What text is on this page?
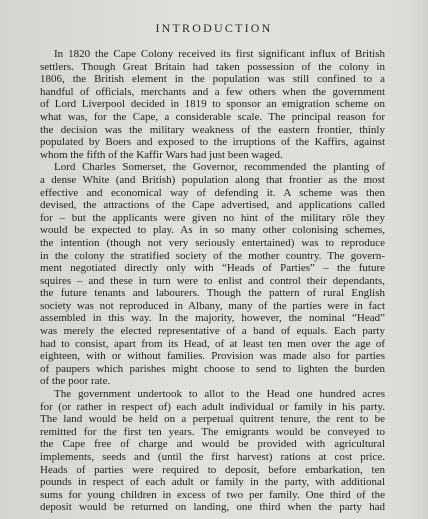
INTRODUCTION
In 1820 the Cape Colony received its first significant influx of British
settlers. Though Great Britain had taken possession of the colony in
1806, the British element in the population was still confined to a
handful of officials, merchants and a few others when the government
of Lord Liverpool decided in 1819 to sponsor an emigration scheme on
what was, for the Cape, a considerable scale. The principal reason for
the decision was the military weakness of the eastern frontier, thinly
populated by Boers and exposed to the irruptions of the Kaffirs, against
whom the fifth of the Kaffir Wars had just been waged.
Lord Charles Somerset, the Governor, recommended the planting of
a dense White (and British) population along that frontier as the most
effective and economical way of defending it. A scheme was then
devised, the attractions of the Cape advertised, and applications called
for – but the applicants were given no hint of the military rôle they
would be expected to play. As in so many other colonising schemes,
the intention (though not very seriously entertained) was to reproduce
in the colony the stratified society of the mother country. The govern-
ment negotiated directly only with “Heads of Parties” – the future
squires – and these in turn were to enlist and control their dependants,
the future tenants and labourers. Though the pattern of rural English
society was not reproduced in Albany, many of the parties were in fact
assembled in this way. In the majority, however, the nominal “Head”
was merely the elected representative of a band of equals. Each party
had to consist, apart from its Head, of at least ten men over the age of
eighteen, with or without families. Provision was made also for parties
of paupers which parishes might choose to send to lighten the burden
of the poor rate.
The government undertook to allot to the Head one hundred acres
for (or rather in respect of) each adult individual or family in his party.
The land would be held on a perpetual quitrent tenure, the rent to be
remitted for the first ten years. The emigrants would be conveyed to
the Cape free of charge and would be provided with agricultural
implements, seeds and (until the first harvest) rations at cost price.
Heads of parties were required to deposit, before embarkation, ten
pounds in respect of each adult or family in the party, with additional
sums for young children in excess of two per family. One third of the
deposit would be returned on landing, one third when the party had
